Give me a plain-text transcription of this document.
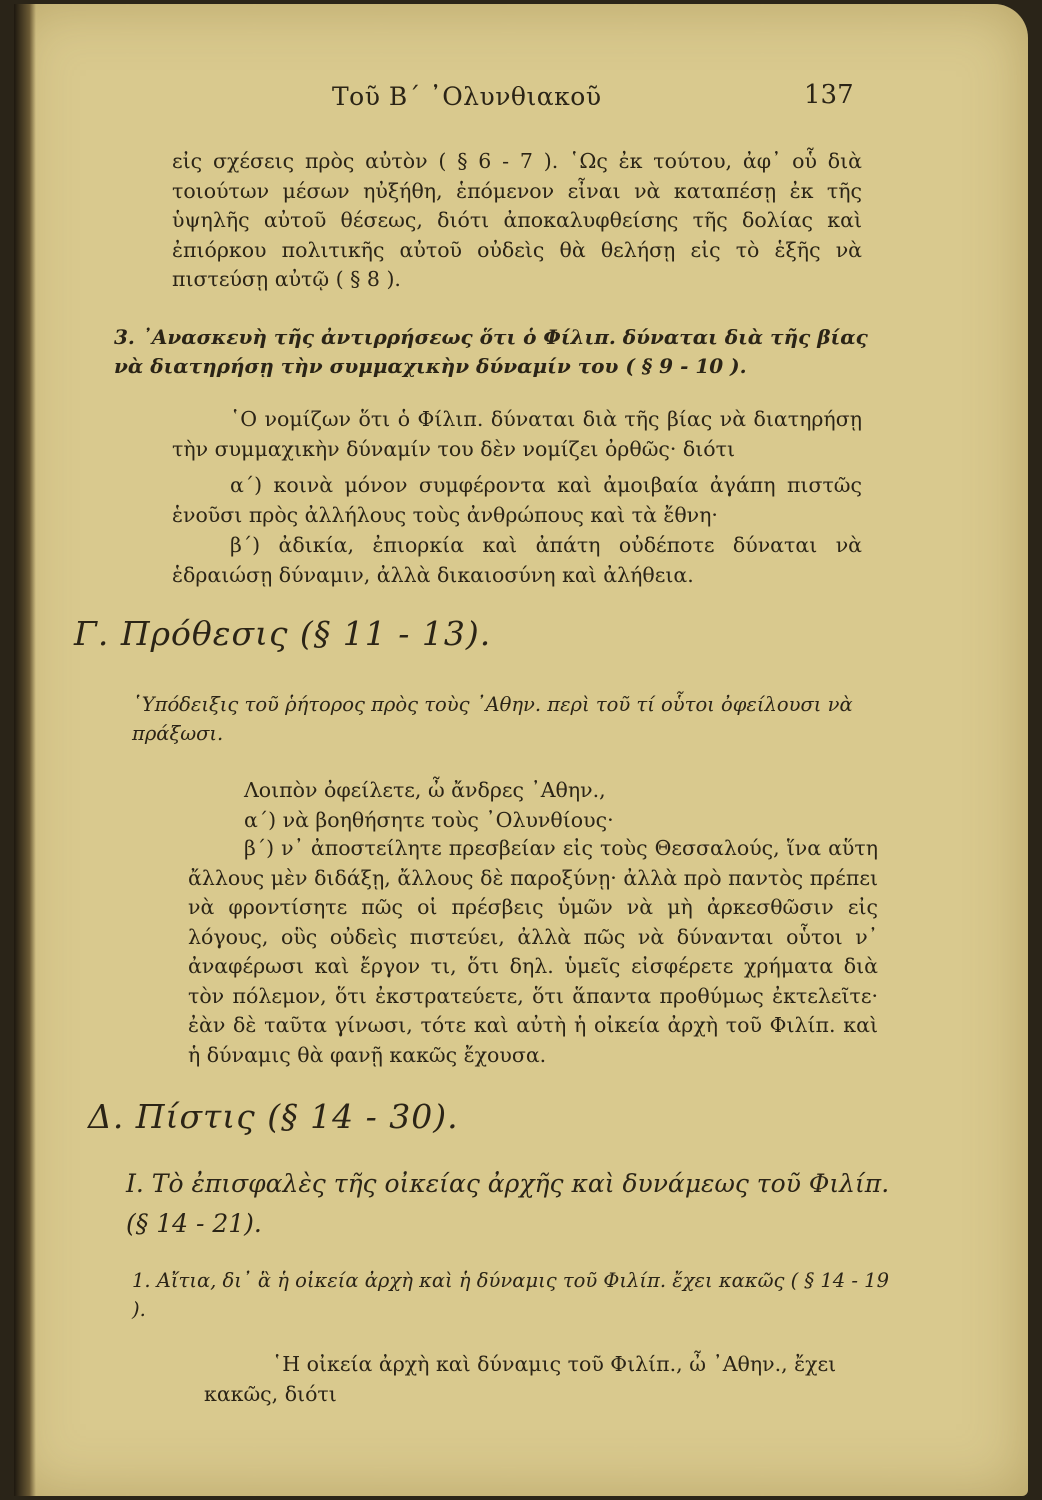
Τοῦ Β΄ ᾿Ολυνθιακοῦ	137

εἰς σχέσεις πρὸς αὐτὸν ( § 6 - 7 ). ῾Ως ἐκ τούτου, ἀφ᾿ οὗ διὰ τοιούτων μέσων ηὐξήθη, ἑπόμενον εἶναι νὰ καταπέσῃ ἐκ τῆς ὑψηλῆς αὐτοῦ θέσεως, διότι ἀποκαλυφθείσης τῆς δολίας καὶ ἐπιόρκου πολιτικῆς αὐτοῦ οὐδεὶς θὰ θελήσῃ εἰς τὸ ἑξῆς νὰ πιστεύσῃ αὐτῷ ( § 8 ).

3. ᾿Ανασκευὴ τῆς ἀντιρρήσεως ὅτι ὁ Φίλιπ. δύναται διὰ τῆς βίας νὰ διατηρήσῃ τὴν συμμαχικὴν δύναμίν του ( § 9 - 10 ).

῾Ο νομίζων ὅτι ὁ Φίλιπ. δύναται διὰ τῆς βίας νὰ διατηρήσῃ τὴν συμμαχικὴν δύναμίν του δὲν νομίζει ὀρθῶς· διότι

α΄) κοινὰ μόνον συμφέροντα καὶ ἀμοιβαία ἀγάπη πιστῶς ἑνοῦσι πρὸς ἀλλήλους τοὺς ἀνθρώπους καὶ τὰ ἔθνη·

β΄) ἀδικία, ἐπιορκία καὶ ἀπάτη οὐδέποτε δύναται νὰ ἑδραιώσῃ δύναμιν, ἀλλὰ δικαιοσύνη καὶ ἀλήθεια.

Γ. Πρόθεσις (§ 11 - 13).

῾Υπόδειξις τοῦ ῥήτορος πρὸς τοὺς ᾿Αθην. περὶ τοῦ τί οὗτοι ὀφείλουσι νὰ πράξωσι.

Λοιπὸν ὀφείλετε, ὦ ἄνδρες ᾿Αθην.,

α΄) νὰ βοηθήσητε τοὺς ᾿Ολυνθίους·

β΄) ν᾿ ἀποστείλητε πρεσβείαν εἰς τοὺς Θεσσαλούς, ἵνα αὕτη ἄλλους μὲν διδάξῃ, ἄλλους δὲ παροξύνῃ· ἀλλὰ πρὸ παντὸς πρέπει νὰ φροντίσητε πῶς οἱ πρέσβεις ὑμῶν νὰ μὴ ἀρκεσθῶσιν εἰς λόγους, οὓς οὐδεὶς πιστεύει, ἀλλὰ πῶς νὰ δύνανται οὗτοι ν᾿ ἀναφέρωσι καὶ ἔργον τι, ὅτι δηλ. ὑμεῖς εἰσφέρετε χρήματα διὰ τὸν πόλεμον, ὅτι ἐκστρατεύετε, ὅτι ἅπαντα προθύμως ἐκτελεῖτε· ἐὰν δὲ ταῦτα γίνωσι, τότε καὶ αὐτὴ ἡ οἰκεία ἀρχὴ τοῦ Φιλίπ. καὶ ἡ δύναμις θὰ φανῇ κακῶς ἔχουσα.

Δ. Πίστις (§ 14 - 30).

Ι. Τὸ ἐπισφαλὲς τῆς οἰκείας ἀρχῆς καὶ δυνάμεως τοῦ Φιλίπ. (§ 14 - 21).

1. Αἴτια, δι᾿ ἃ ἡ οἰκεία ἀρχὴ καὶ ἡ δύναμις τοῦ Φιλίπ. ἔχει κακῶς ( § 14 - 19 ).

῾Η οἰκεία ἀρχὴ καὶ δύναμις τοῦ Φιλίπ., ὦ ᾿Αθην., ἔχει κακῶς, διότι
